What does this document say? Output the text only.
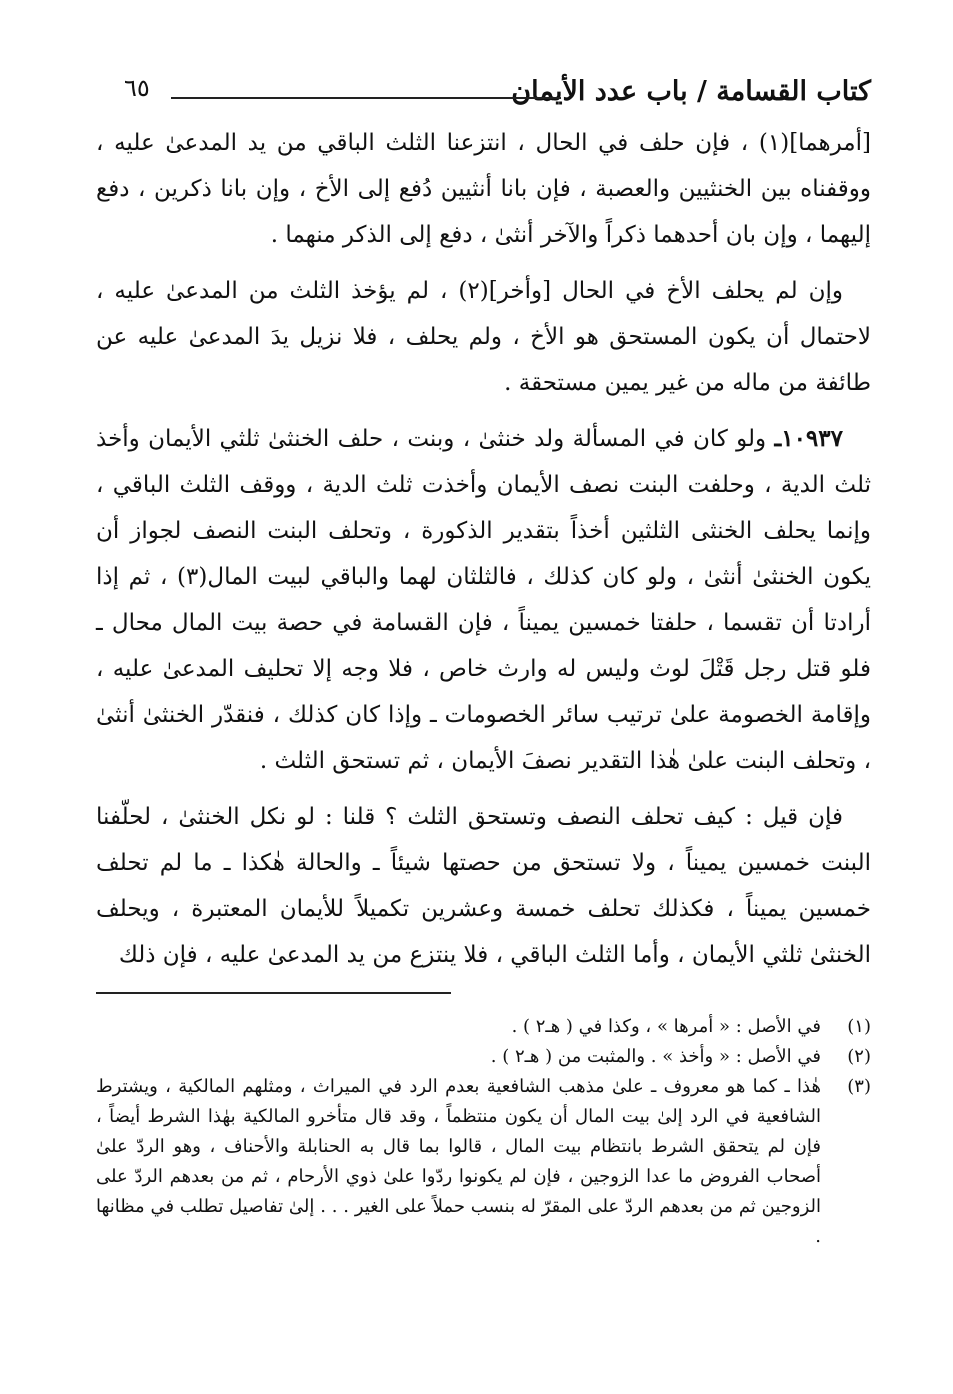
كتاب القسامة / باب عدد الأيمان
٦٥

[أمرهما](١) ، فإن حلف في الحال ، انتزعنا الثلث الباقي من يد المدعىٰ عليه ، ووقفناه بين الخنثيين والعصبة ، فإن بانا أنثيين دُفع إلى الأخ ، وإن بانا ذكرين ، دفع إليهما ، وإن بان أحدهما ذكراً والآخر أنثىٰ ، دفع إلى الذكر منهما .

وإن لم يحلف الأخ في الحال [وأخر](٢) ، لم يؤخذ الثلث من المدعىٰ عليه ، لاحتمال أن يكون المستحق هو الأخ ، ولم يحلف ، فلا نزيل يدَ المدعىٰ عليه عن طائفة من ماله من غير يمين مستحقة .

١٠٩٣٧ـ ولو كان في المسألة ولد خنثىٰ ، وبنت ، حلف الخنثىٰ ثلثي الأيمان وأخذ ثلث الدية ، وحلفت البنت نصف الأيمان وأخذت ثلث الدية ، ووقف الثلث الباقي ، وإنما يحلف الخنثى الثلثين أخذاً بتقدير الذكورة ، وتحلف البنت النصف لجواز أن يكون الخنثىٰ أنثىٰ ، ولو كان كذلك ، فالثلثان لهما والباقي لبيت المال(٣) ، ثم إذا أرادتا أن تقسما ، حلفتا خمسين يميناً ، فإن القسامة في حصة بيت المال محال ـ فلو قتل رجل قَتْلَ لوث وليس له وارث خاص ، فلا وجه إلا تحليف المدعىٰ عليه ، وإقامة الخصومة علىٰ ترتيب سائر الخصومات ـ وإذا كان كذلك ، فنقدّر الخنثىٰ أنثىٰ ، وتحلف البنت علىٰ هٰذا التقدير نصفَ الأيمان ، ثم تستحق الثلث .

فإن قيل : كيف تحلف النصف وتستحق الثلث ؟ قلنا : لو نكل الخنثىٰ ، لحلّفنا البنت خمسين يميناً ، ولا تستحق من حصتها شيئاً ـ والحالة هٰكذا ـ ما لم تحلف خمسين يميناً ، فكذلك تحلف خمسة وعشرين تكميلاً للأيمان المعتبرة ، ويحلف الخنثىٰ ثلثي الأيمان ، وأما الثلث الباقي ، فلا ينتزع من يد المدعىٰ عليه ، فإن ذلك

(١)
في الأصل : « أمرها » ، وكذا في ( هـ٢ ) .
(٢)
في الأصل : « وأخذ » . والمثبت من ( هـ٢ ) .
(٣)
هٰذا ـ كما هو معروف ـ علىٰ مذهب الشافعية بعدم الرد في الميراث ، ومثلهم المالكية ، ويشترط الشافعية في الرد إلىٰ بيت المال أن يكون منتظماً ، وقد قال متأخرو المالكية بهٰذا الشرط أيضاً ، فإن لم يتحقق الشرط بانتظام بيت المال ، قالوا بما قال به الحنابلة والأحناف ، وهو الردّ علىٰ أصحاب الفروض ما عدا الزوجين ، فإن لم يكونوا ردّوا علىٰ ذوي الأرحام ، ثم من بعدهم الردّ على الزوجين ثم من بعدهم الردّ على المقرّ له بنسب حملاً على الغير . . . إلىٰ تفاصيل تطلب في مظانها .
